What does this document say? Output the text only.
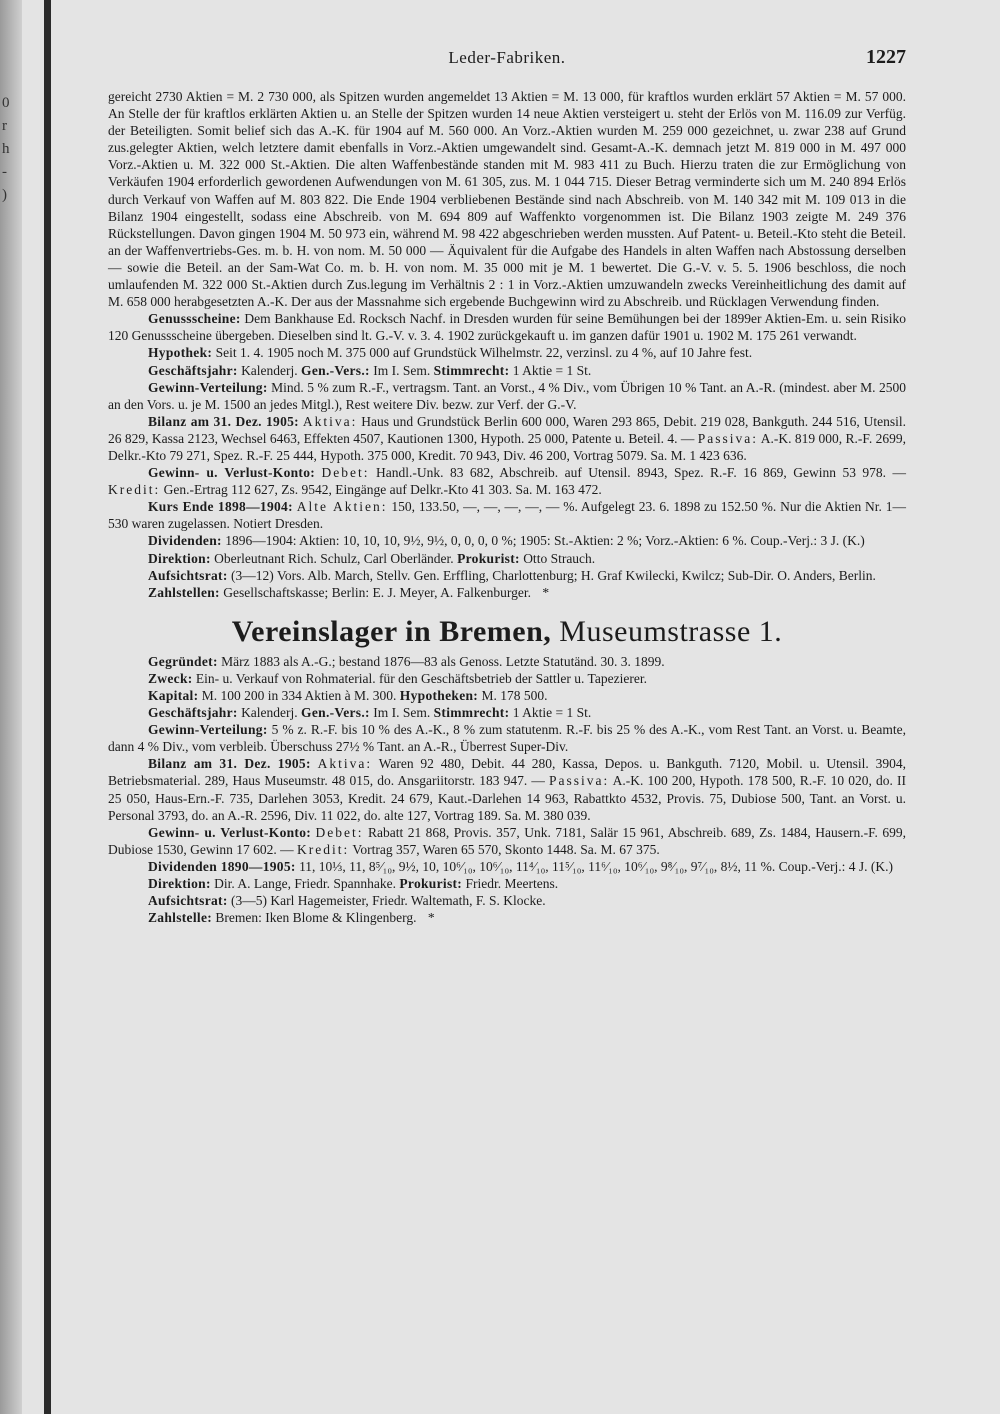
0
r
h
-
)
Leder-Fabriken.	1227

gereicht 2730 Aktien = M. 2 730 000, als Spitzen wurden angemeldet 13 Aktien = M. 13 000, für kraftlos wurden erklärt 57 Aktien = M. 57 000. An Stelle der für kraftlos erklärten Aktien u. an Stelle der Spitzen wurden 14 neue Aktien versteigert u. steht der Erlös von M. 116.09 zur Verfüg. der Beteiligten. Somit belief sich das A.-K. für 1904 auf M. 560 000. An Vorz.-Aktien wurden M. 259 000 gezeichnet, u. zwar 238 auf Grund zus.gelegter Aktien, welch letztere damit ebenfalls in Vorz.-Aktien umgewandelt sind. Gesamt-A.-K. demnach jetzt M. 819 000 in M. 497 000 Vorz.-Aktien u. M. 322 000 St.-Aktien. Die alten Waffenbestände standen mit M. 983 411 zu Buch. Hierzu traten die zur Ermöglichung von Verkäufen 1904 erforderlich gewordenen Aufwendungen von M. 61 305, zus. M. 1 044 715. Dieser Betrag verminderte sich um M. 240 894 Erlös durch Verkauf von Waffen auf M. 803 822. Die Ende 1904 verbliebenen Bestände sind nach Abschreib. von M. 140 342 mit M. 109 013 in die Bilanz 1904 eingestellt, sodass eine Abschreib. von M. 694 809 auf Waffenkto vorgenommen ist. Die Bilanz 1903 zeigte M. 249 376 Rückstellungen. Davon gingen 1904 M. 50 973 ein, während M. 98 422 abgeschrieben werden mussten. Auf Patent- u. Beteil.-Kto steht die Beteil. an der Waffenvertriebs-Ges. m. b. H. von nom. M. 50 000 — Äquivalent für die Aufgabe des Handels in alten Waffen nach Abstossung derselben — sowie die Beteil. an der Sam-Wat Co. m. b. H. von nom. M. 35 000 mit je M. 1 bewertet. Die G.-V. v. 5. 5. 1906 beschloss, die noch umlaufenden M. 322 000 St.-Aktien durch Zus.legung im Verhältnis 2 : 1 in Vorz.-Aktien umzuwandeln zwecks Vereinheitlichung des damit auf M. 658 000 herabgesetzten A.-K. Der aus der Massnahme sich ergebende Buchgewinn wird zu Abschreib. und Rücklagen Verwendung finden.

Genussscheine: Dem Bankhause Ed. Rocksch Nachf. in Dresden wurden für seine Bemühungen bei der 1899er Aktien-Em. u. sein Risiko 120 Genussscheine übergeben. Dieselben sind lt. G.-V. v. 3. 4. 1902 zurückgekauft u. im ganzen dafür 1901 u. 1902 M. 175 261 verwandt.

Hypothek: Seit 1. 4. 1905 noch M. 375 000 auf Grundstück Wilhelmstr. 22, verzinsl. zu 4 %, auf 10 Jahre fest.

Geschäftsjahr: Kalenderj. Gen.-Vers.: Im I. Sem. Stimmrecht: 1 Aktie = 1 St.

Gewinn-Verteilung: Mind. 5 % zum R.-F., vertragsm. Tant. an Vorst., 4 % Div., vom Übrigen 10 % Tant. an A.-R. (mindest. aber M. 2500 an den Vors. u. je M. 1500 an jedes Mitgl.), Rest weitere Div. bezw. zur Verf. der G.-V.

Bilanz am 31. Dez. 1905: Aktiva: Haus und Grundstück Berlin 600 000, Waren 293 865, Debit. 219 028, Bankguth. 244 516, Utensil. 26 829, Kassa 2123, Wechsel 6463, Effekten 4507, Kautionen 1300, Hypoth. 25 000, Patente u. Beteil. 4. — Passiva: A.-K. 819 000, R.-F. 2699, Delkr.-Kto 79 271, Spez. R.-F. 25 444, Hypoth. 375 000, Kredit. 70 943, Div. 46 200, Vortrag 5079. Sa. M. 1 423 636.

Gewinn- u. Verlust-Konto: Debet: Handl.-Unk. 83 682, Abschreib. auf Utensil. 8943, Spez. R.-F. 16 869, Gewinn 53 978. — Kredit: Gen.-Ertrag 112 627, Zs. 9542, Eingänge auf Delkr.-Kto 41 303. Sa. M. 163 472.

Kurs Ende 1898—1904: Alte Aktien: 150, 133.50, —, —, —, —, — %. Aufgelegt 23. 6. 1898 zu 152.50 %. Nur die Aktien Nr. 1—530 waren zugelassen. Notiert Dresden.

Dividenden: 1896—1904: Aktien: 10, 10, 10, 9½, 9½, 0, 0, 0, 0 %; 1905: St.-Aktien: 2 %; Vorz.-Aktien: 6 %. Coup.-Verj.: 3 J. (K.)

Direktion: Oberleutnant Rich. Schulz, Carl Oberländer. Prokurist: Otto Strauch.

Aufsichtsrat: (3—12) Vors. Alb. March, Stellv. Gen. Erffling, Charlottenburg; H. Graf Kwilecki, Kwilcz; Sub-Dir. O. Anders, Berlin.

Zahlstellen: Gesellschaftskasse; Berlin: E. J. Meyer, A. Falkenburger. *

Vereinslager in Bremen, Museumstrasse 1.

Gegründet: März 1883 als A.-G.; bestand 1876—83 als Genoss. Letzte Statutänd. 30. 3. 1899.

Zweck: Ein- u. Verkauf von Rohmaterial. für den Geschäftsbetrieb der Sattler u. Tapezierer.

Kapital: M. 100 200 in 334 Aktien à M. 300. Hypotheken: M. 178 500.

Geschäftsjahr: Kalenderj. Gen.-Vers.: Im I. Sem. Stimmrecht: 1 Aktie = 1 St.

Gewinn-Verteilung: 5 % z. R.-F. bis 10 % des A.-K., 8 % zum statutenm. R.-F. bis 25 % des A.-K., vom Rest Tant. an Vorst. u. Beamte, dann 4 % Div., vom verbleib. Überschuss 27½ % Tant. an A.-R., Überrest Super-Div.

Bilanz am 31. Dez. 1905: Aktiva: Waren 92 480, Debit. 44 280, Kassa, Depos. u. Bankguth. 7120, Mobil. u. Utensil. 3904, Betriebsmaterial. 289, Haus Museumstr. 48 015, do. Ansgariitorstr. 183 947. — Passiva: A.-K. 100 200, Hypoth. 178 500, R.-F. 10 020, do. II 25 050, Haus-Ern.-F. 735, Darlehen 3053, Kredit. 24 679, Kaut.-Darlehen 14 963, Rabattkto 4532, Provis. 75, Dubiose 500, Tant. an Vorst. u. Personal 3793, do. an A.-R. 2596, Div. 11 022, do. alte 127, Vortrag 189. Sa. M. 380 039.

Gewinn- u. Verlust-Konto: Debet: Rabatt 21 868, Provis. 357, Unk. 7181, Salär 15 961, Abschreib. 689, Zs. 1484, Hausern.-F. 699, Dubiose 1530, Gewinn 17 602. — Kredit: Vortrag 357, Waren 65 570, Skonto 1448. Sa. M. 67 375.

Dividenden 1890—1905: 11, 10⅓, 11, 8⁵⁄₁₀, 9½, 10, 10⁶⁄₁₀, 10⁶⁄₁₀, 11⁴⁄₁₀, 11⁵⁄₁₀, 11⁶⁄₁₀, 10⁶⁄₁₀, 9⁸⁄₁₀, 9⁷⁄₁₀, 8½, 11 %. Coup.-Verj.: 4 J. (K.)

Direktion: Dir. A. Lange, Friedr. Spannhake. Prokurist: Friedr. Meertens.

Aufsichtsrat: (3—5) Karl Hagemeister, Friedr. Waltemath, F. S. Klocke.

Zahlstelle: Bremen: Iken Blome & Klingenberg. *
